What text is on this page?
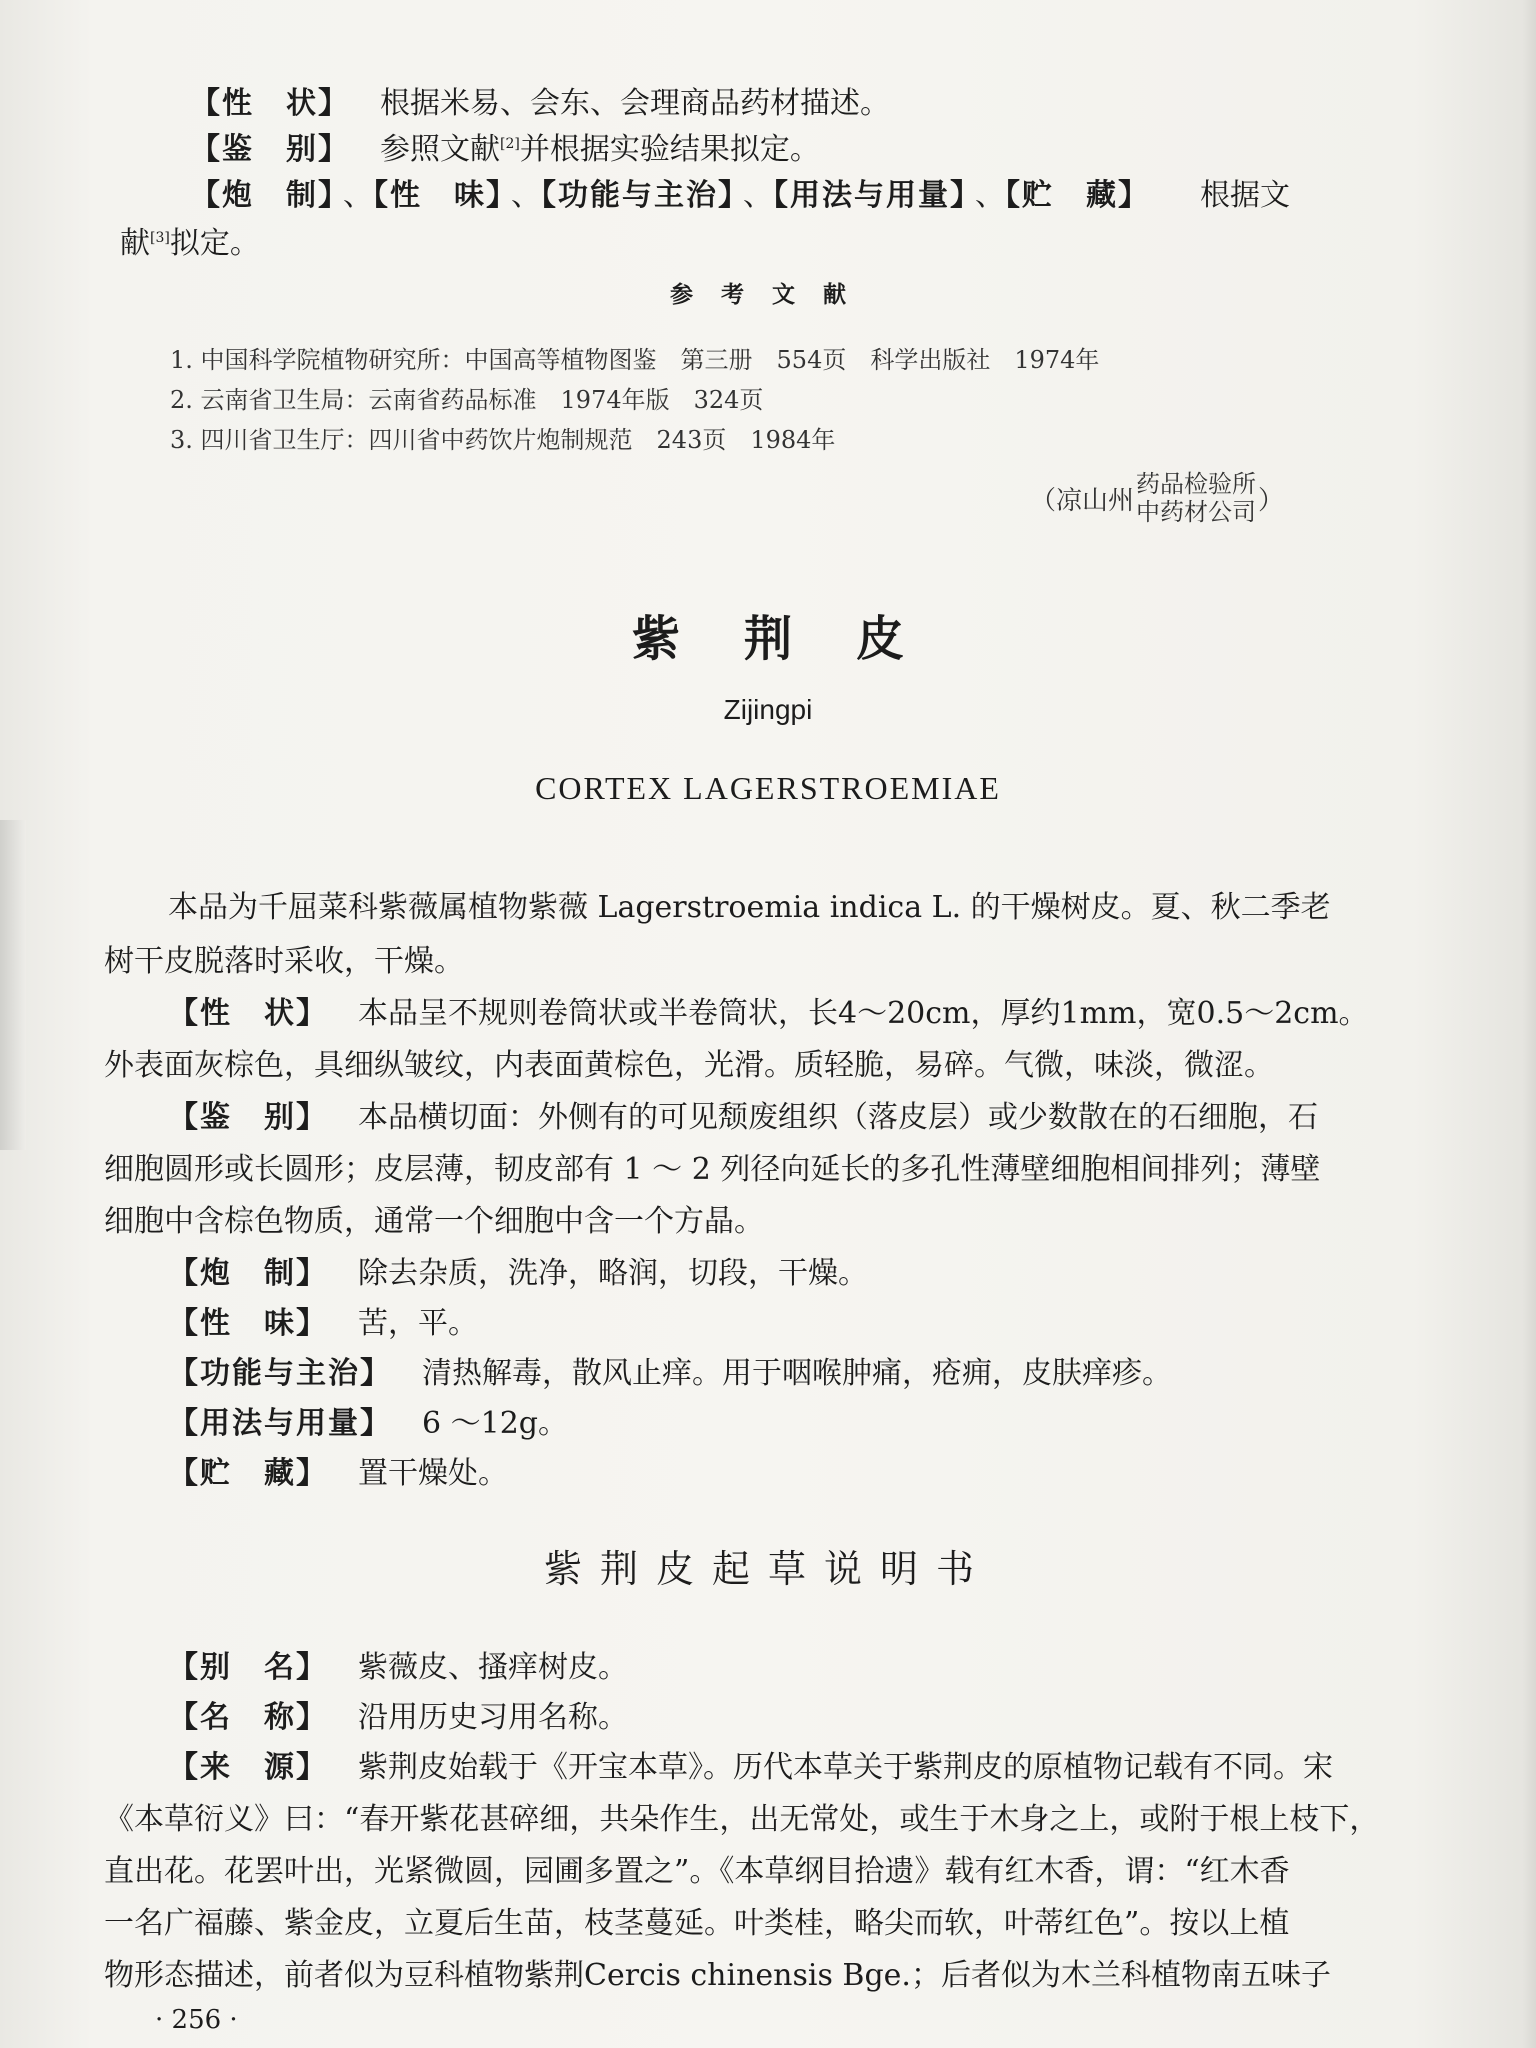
【性　状】 根据米易、会东、会理商品药材描述。
【鉴　别】 参照文献[2]并根据实验结果拟定。
【炮　制】 、【性　味】 、【功能与主治】 、【用法与用量】 、【贮　藏】 根据文
献[3]拟定。
参考文献
1. 中国科学院植物研究所：中国高等植物图鉴　第三册　554页　科学出版社　1974年
2. 云南省卫生局：云南省药品标准　1974年版　324页
3. 四川省卫生厅：四川省中药饮片炮制规范　243页　1984年
（凉山州
药品检验所
中药材公司 ）
紫荆皮
Zijingpi
CORTEX LAGERSTROEMIAE
本品为千屈菜科紫薇属植物紫薇 Lagerstroemia indica L. 的干燥树皮。夏、秋二季老
树干皮脱落时采收，干燥。
【性　状】 本品呈不规则卷筒状或半卷筒状，长4～20cm，厚约1mm，宽0.5～2cm。
外表面灰棕色，具细纵皱纹，内表面黄棕色，光滑。质轻脆，易碎。气微，味淡，微涩。
【鉴　别】 本品横切面：外侧有的可见颓废组织（落皮层）或少数散在的石细胞，石
细胞圆形或长圆形；皮层薄，韧皮部有 1 ～ 2 列径向延长的多孔性薄壁细胞相间排列；薄壁
细胞中含棕色物质，通常一个细胞中含一个方晶。
【炮　制】 除去杂质，洗净，略润，切段，干燥。
【性　味】 苦，平。
【功能与主治】 清热解毒，散风止痒。用于咽喉肿痛，疮痈，皮肤痒疹。
【用法与用量】 6 ～12g。
【贮　藏】 置干燥处。
紫荆皮起草说明书
【别　名】 紫薇皮、搔痒树皮。
【名　称】 沿用历史习用名称。
【来　源】 紫荆皮始载于《开宝本草》。历代本草关于紫荆皮的原植物记载有不同。宋
《本草衍义》曰：“春开紫花甚碎细，共朵作生，出无常处，或生于木身之上，或附于根上枝下，
直出花。花罢叶出，光紧微圆，园圃多置之”。《本草纲目拾遗》载有红木香，谓：“红木香
一名广福藤、紫金皮，立夏后生苗，枝茎蔓延。叶类桂，略尖而软，叶蒂红色”。按以上植
物形态描述，前者似为豆科植物紫荆Cercis chinensis Bge.；后者似为木兰科植物南五味子
· 256 ·
